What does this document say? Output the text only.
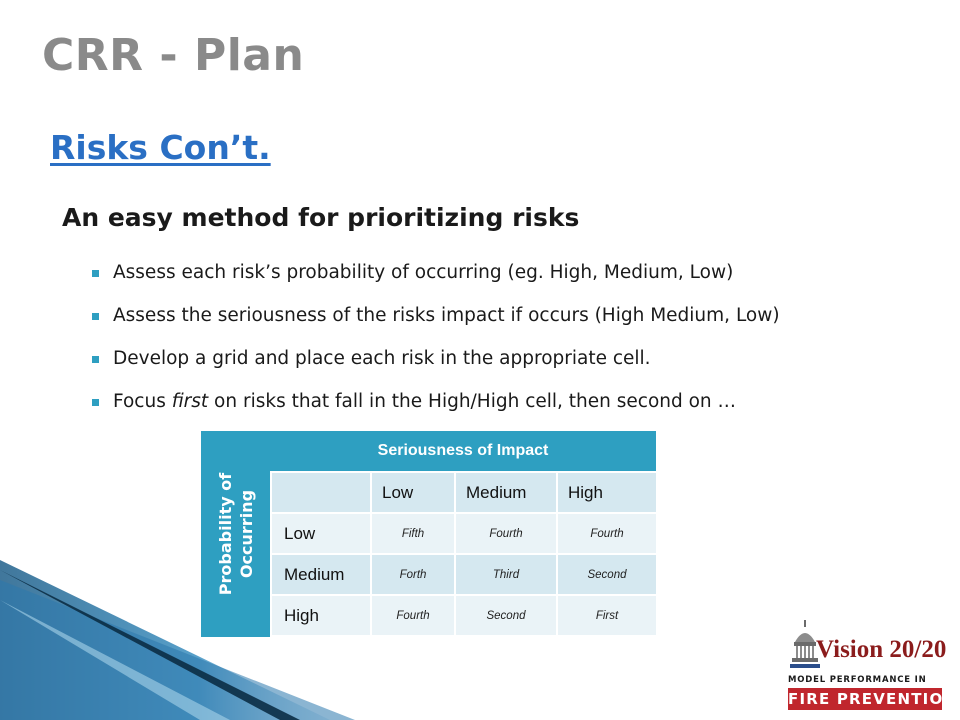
CRR - Plan
Risks Con’t.
An easy method for prioritizing risks
Assess each risk’s probability of occurring (eg. High, Medium, Low)
Assess the seriousness of the risks impact if occurs (High Medium, Low)
Develop a grid and place each risk in the appropriate cell.
Focus first on risks that fall in the High/High cell, then second on …
Probability of
Occurring
Seriousness of Impact
	Low	Medium	High
Low	Fifth	Fourth	Fourth
Medium	Forth	Third	Second
High	Fourth	Second	First
Vision 20/20
MODEL PERFORMANCE IN
FIRE PREVENTION
